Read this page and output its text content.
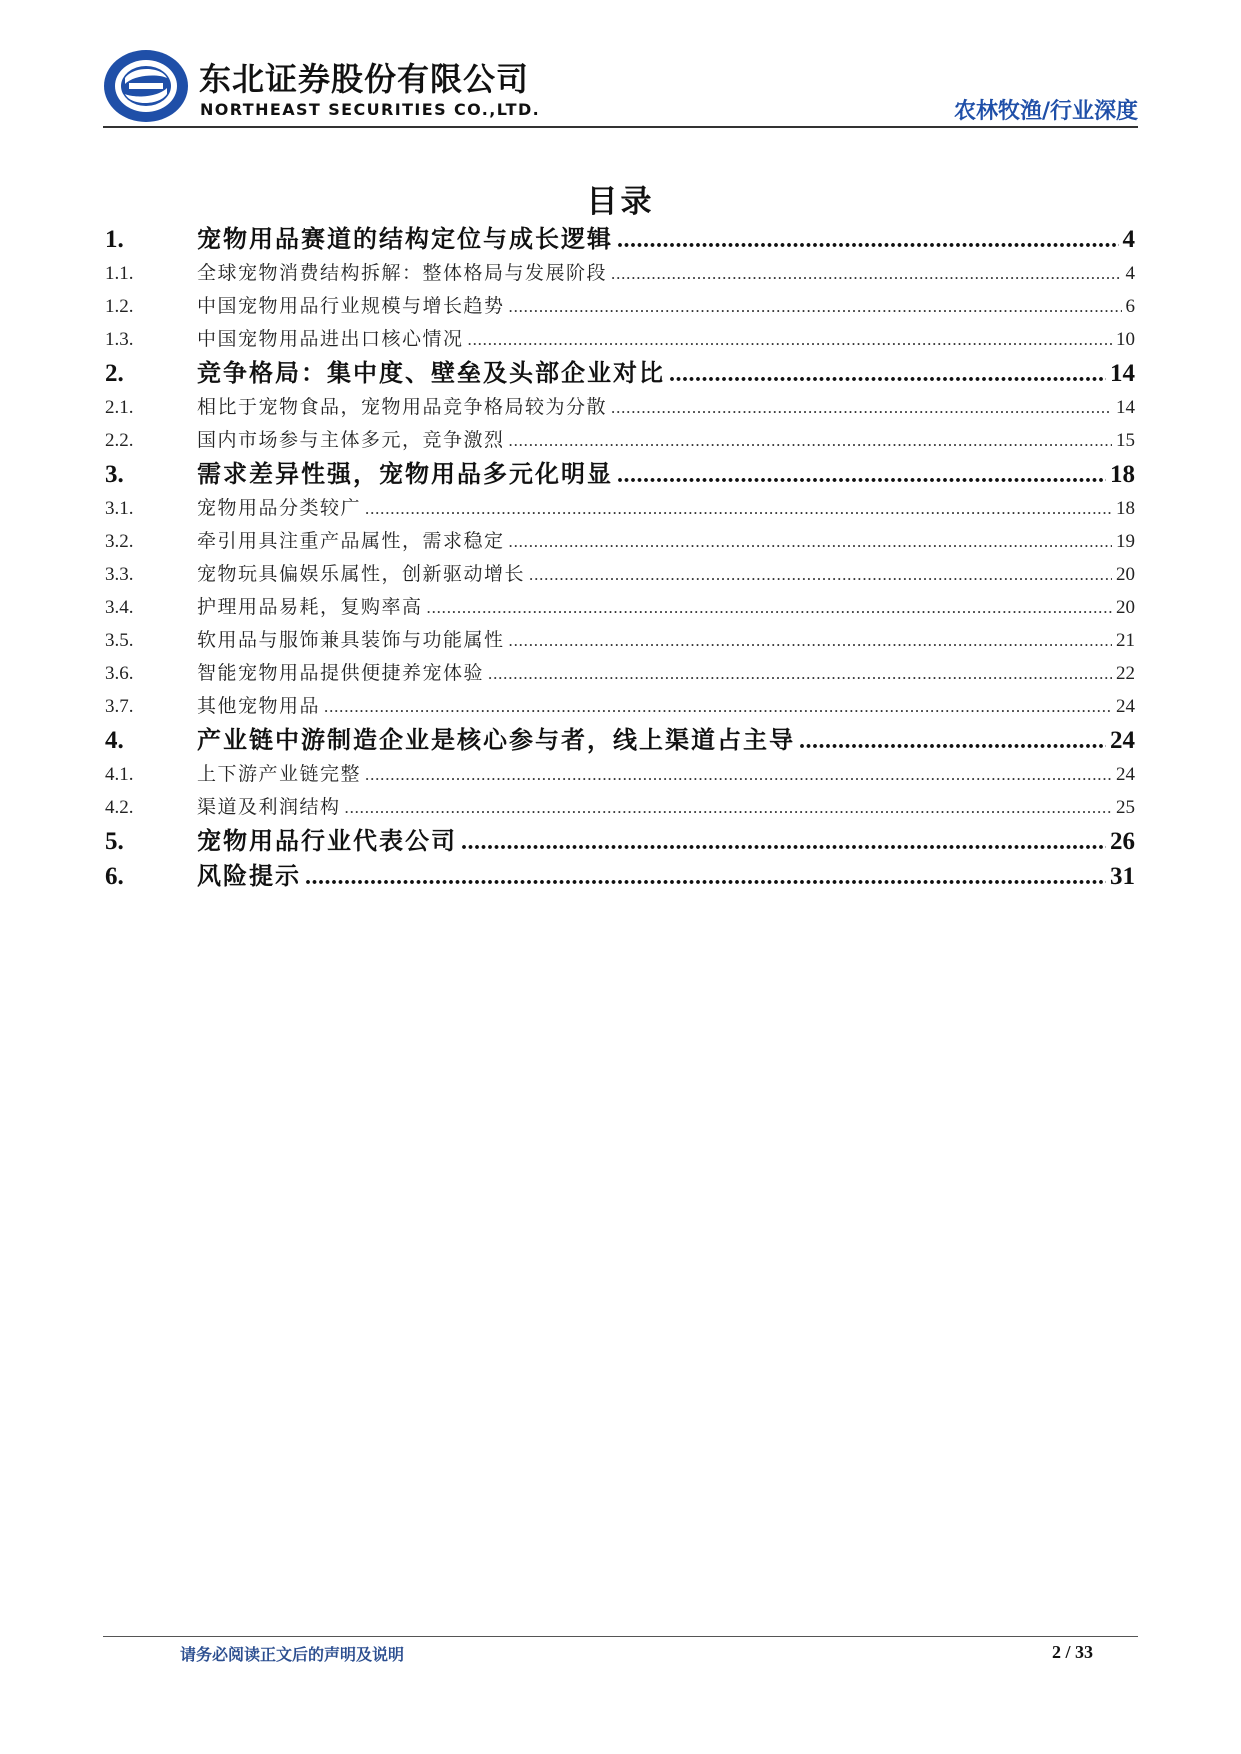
东北证券股份有限公司
NORTHEAST SECURITIES CO.,LTD.	农林牧渔/行业深度
目录
1.	宠物用品赛道的结构定位与成长逻辑 .....	4
1.1.	全球宠物消费结构拆解：整体格局与发展阶段 .....	4
1.2.	中国宠物用品行业规模与增长趋势 .....	6
1.3.	中国宠物用品进出口核心情况 .....	10
2.	竞争格局：集中度、壁垒及头部企业对比 .....	14
2.1.	相比于宠物食品，宠物用品竞争格局较为分散 .....	14
2.2.	国内市场参与主体多元，竞争激烈 .....	15
3.	需求差异性强，宠物用品多元化明显 .....	18
3.1.	宠物用品分类较广 .....	18
3.2.	牵引用具注重产品属性，需求稳定 .....	19
3.3.	宠物玩具偏娱乐属性，创新驱动增长 .....	20
3.4.	护理用品易耗，复购率高 .....	20
3.5.	软用品与服饰兼具装饰与功能属性 .....	21
3.6.	智能宠物用品提供便捷养宠体验 .....	22
3.7.	其他宠物用品 .....	24
4.	产业链中游制造企业是核心参与者，线上渠道占主导 .....	24
4.1.	上下游产业链完整 .....	24
4.2.	渠道及利润结构 .....	25
5.	宠物用品行业代表公司 .....	26
6.	风险提示 .....	31
请务必阅读正文后的声明及说明	2 / 33
